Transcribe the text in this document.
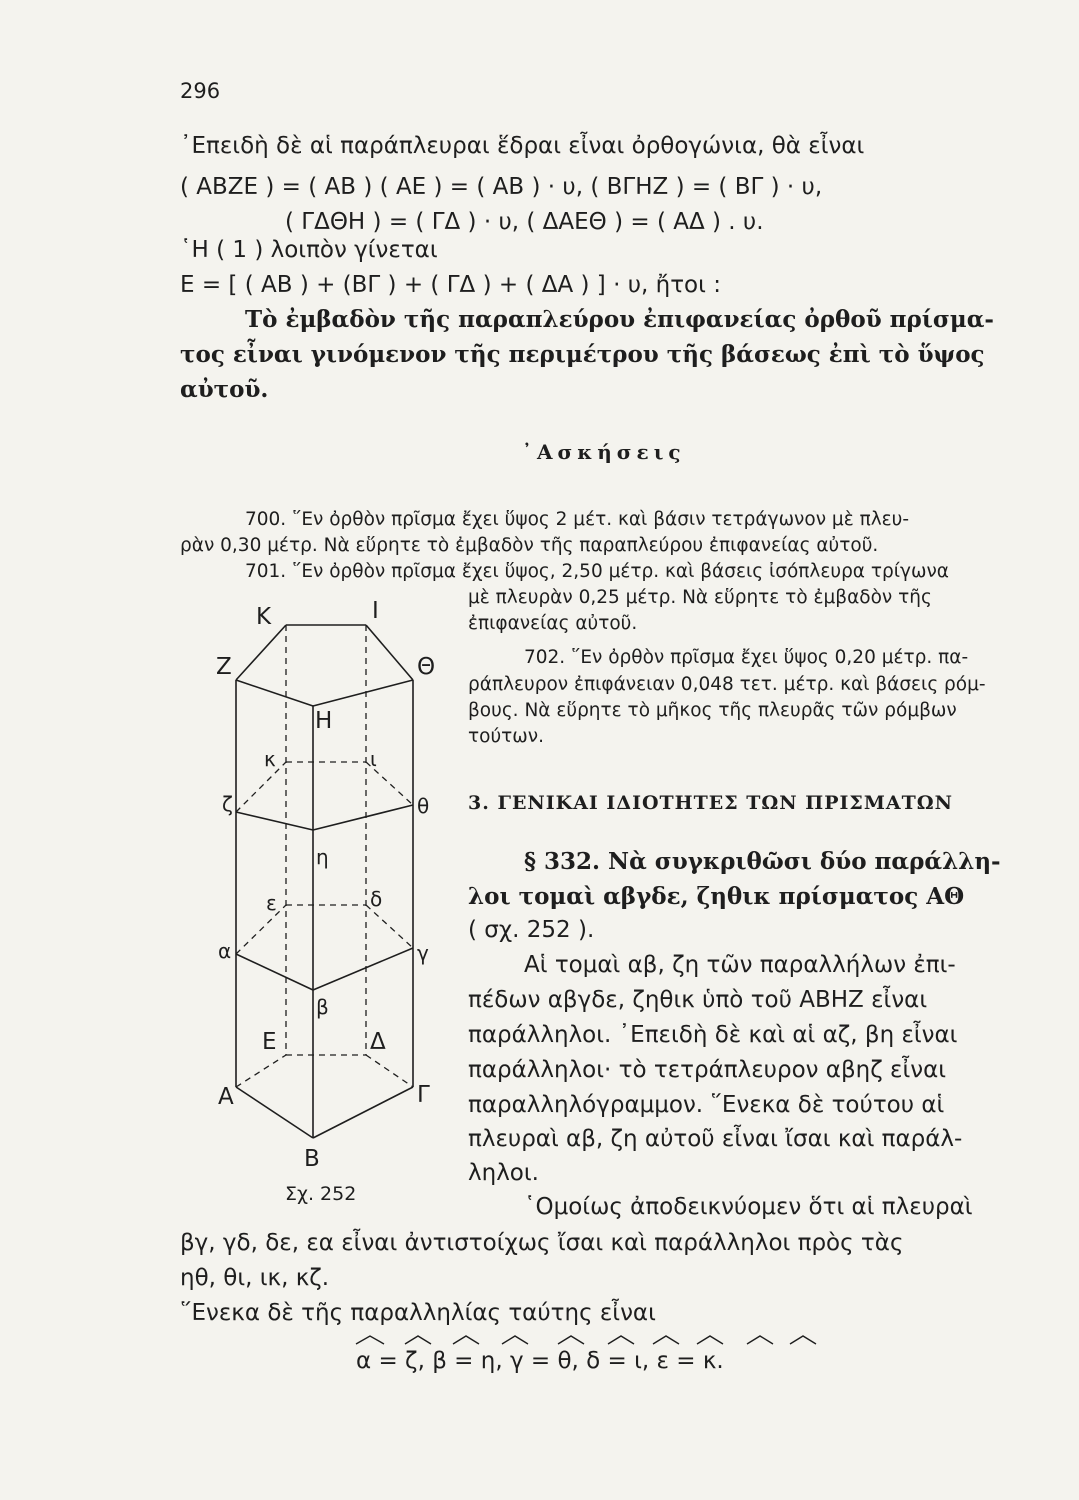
296
᾿Επειδὴ δὲ αἱ παράπλευραι ἕδραι εἶναι ὀρθογώνια, θὰ εἶναι
( ΑΒΖΕ ) = ( ΑΒ ) ( ΑΕ ) = ( ΑΒ ) · υ, ( ΒΓΗΖ ) = ( ΒΓ ) · υ,
( ΓΔΘΗ ) = ( ΓΔ ) · υ, ( ΔΑΕΘ ) = ( ΑΔ ) . υ.
῾Η ( 1 ) λοιπὸν γίνεται
Ε = [ ( ΑΒ ) + (ΒΓ ) + ( ΓΔ ) + ( ΔΑ ) ] · υ, ἤτοι :
Τὸ ἐμβαδὸν τῆς παραπλεύρου ἐπιφανείας ὀρθοῦ πρίσμα-
τος εἶναι γινόμενον τῆς περιμέτρου τῆς βάσεως ἐπὶ τὸ ὕψος
αὐτοῦ.
᾿Ασκήσεις
700. ῞Εν ὀρθὸν πρῖσμα ἔχει ὕψος 2 μέτ. καὶ βάσιν τετράγωνον μὲ πλευ-
ρὰν 0,30 μέτρ. Νὰ εὕρητε τὸ ἐμβαδὸν τῆς παραπλεύρου ἐπιφανείας αὐτοῦ.
701. ῞Εν ὀρθὸν πρῖσμα ἔχει ὕψος, 2,50 μέτρ. καὶ βάσεις ἰσόπλευρα τρίγωνα
μὲ πλευρὰν 0,25 μέτρ. Νὰ εὕρητε τὸ ἐμβαδὸν τῆς
ἐπιφανείας αὐτοῦ.
702. ῞Εν ὀρθὸν πρῖσμα ἔχει ὕψος 0,20 μέτρ. πα-
ράπλευρον ἐπιφάνειαν 0,048 τετ. μέτρ. καὶ βάσεις ρόμ-
βους. Νὰ εὕρητε τὸ μῆκος τῆς πλευρᾶς τῶν ρόμβων
τούτων.
3. ΓΕΝΙΚΑΙ ΙΔΙΟΤΗΤΕΣ ΤΩΝ ΠΡΙΣΜΑΤΩΝ
§ 332. Νὰ συγκριθῶσι δύο παράλλη-
λοι τομαὶ αβγδε, ζηθικ πρίσματος ΑΘ
( σχ. 252 ).
Αἱ τομαὶ αβ, ζη τῶν παραλλήλων ἐπι-
πέδων αβγδε, ζηθικ ὑπὸ τοῦ ΑΒΗΖ εἶναι
παράλληλοι. ᾿Επειδὴ δὲ καὶ αἱ αζ, βη εἶναι
παράλληλοι· τὸ τετράπλευρον αβηζ εἶναι
παραλληλόγραμμον. ῞Ενεκα δὲ τούτου αἱ
πλευραὶ αβ, ζη αὐτοῦ εἶναι ἴσαι καὶ παράλ-
ληλοι.
῾Ομοίως ἀποδεικνύομεν ὅτι αἱ πλευραὶ
βγ, γδ, δε, εα εἶναι ἀντιστοίχως ἴσαι καὶ παράλληλοι πρὸς τὰς
ηθ, θι, ικ, κζ.
῞Ενεκα δὲ τῆς παραλληλίας ταύτης εἶναι
α = ζ, β = η, γ = θ, δ = ι, ε = κ.
K	I
Z	Θ
H
κ	ι
ζ	θ
η
ε	δ
α	γ
β
E	Δ
A	Γ
B
Σχ. 252
